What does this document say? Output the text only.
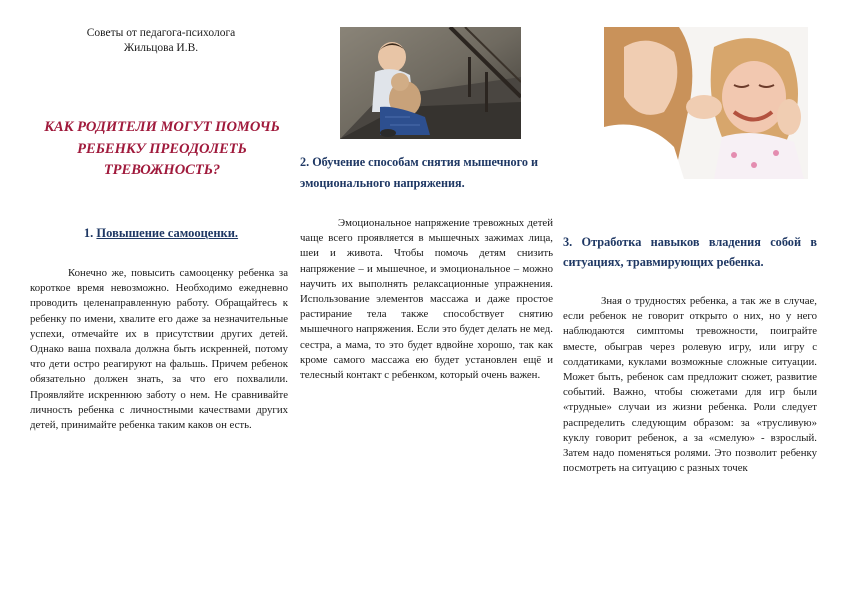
Советы от педагога-психолога
Жильцова И.В.
КАК РОДИТЕЛИ МОГУТ ПОМОЧЬ РЕБЕНКУ ПРЕОДОЛЕТЬ ТРЕВОЖНОСТЬ?
1. Повышение самооценки.
Конечно же, повысить самооценку ребенка за короткое время невозможно. Необходимо ежедневно проводить целенаправленную работу. Обращайтесь к ребенку по имени, хвалите его даже за незначительные успехи, отмечайте их в присутствии других детей. Однако ваша похвала должна быть искренней, потому что дети остро реагируют на фальшь. Причем ребенок обязательно должен знать, за что его похвалили. Проявляйте искреннюю заботу о нем. Не сравнивайте личность ребенка с личностными качествами других детей, принимайте ребенка таким каков он есть.
2. Обучение способам снятия мышечного и эмоционального напряжения.
Эмоциональное напряжение тревожных детей чаще всего проявляется в мышечных зажимах лица, шеи и живота. Чтобы помочь детям снизить напряжение – и мышечное, и эмоциональное – можно научить их выполнять релаксационные упражнения. Использование элементов массажа и даже простое растирание тела также способствует снятию мышечного напряжения. Если это будет делать не мед. сестра, а мама, то это будет вдвойне хорошо, так как кроме самого массажа ею будет установлен ещё и телесный контакт с ребенком, который очень важен.
3. Отработка навыков владения собой в ситуациях, травмирующих ребенка.
Зная о трудностях ребенка, а так же в случае, если ребенок не говорит открыто о них, но у него наблюдаются симптомы тревожности, поиграйте вместе, обыграв через ролевую игру, или игру с солдатиками, куклами возможные сложные ситуации. Может быть, ребенок сам предложит сюжет, развитие событий. Важно, чтобы сюжетами для игр были «трудные» случаи из жизни ребенка. Роли следует распределить следующим образом: за «трусливую» куклу говорит ребенок, а за «смелую» - взрослый. Затем надо поменяться ролями. Это позволит ребенку посмотреть на ситуацию с разных точек
